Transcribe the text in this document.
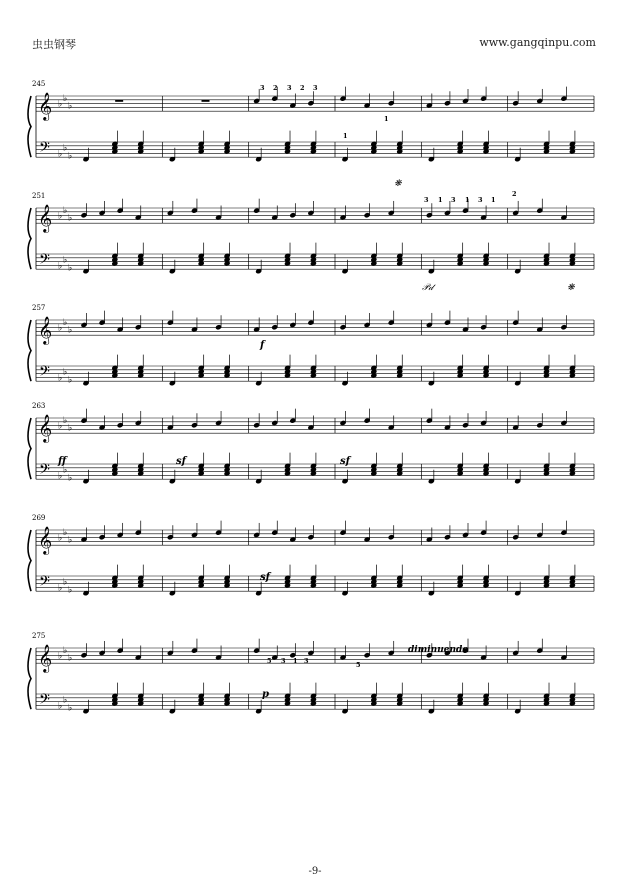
虫虫钢琴	www.gangqinpu.com
𝄞
𝄢
♭
♭
♭
♭
♭
♭
𝄞
𝄢
♭
♭
♭
♭
♭
♭
𝄞
𝄢
♭
♭
♭
♭
♭
♭
𝄞
𝄢
♭
♭
♭
♭
♭
♭
𝄞
𝄢
♭
♭
♭
♭
♭
♭
𝄞
𝄢
♭
♭
♭
♭
♭
♭
245
251
257
263
269
275
3 2 3 2 3
1
1
❋
3 1 3 1 3 1
2
f
𝒫𝒹	❋
ff	sf	sf
sf
5 3 1 3	5
p
diminuendo
-9-
